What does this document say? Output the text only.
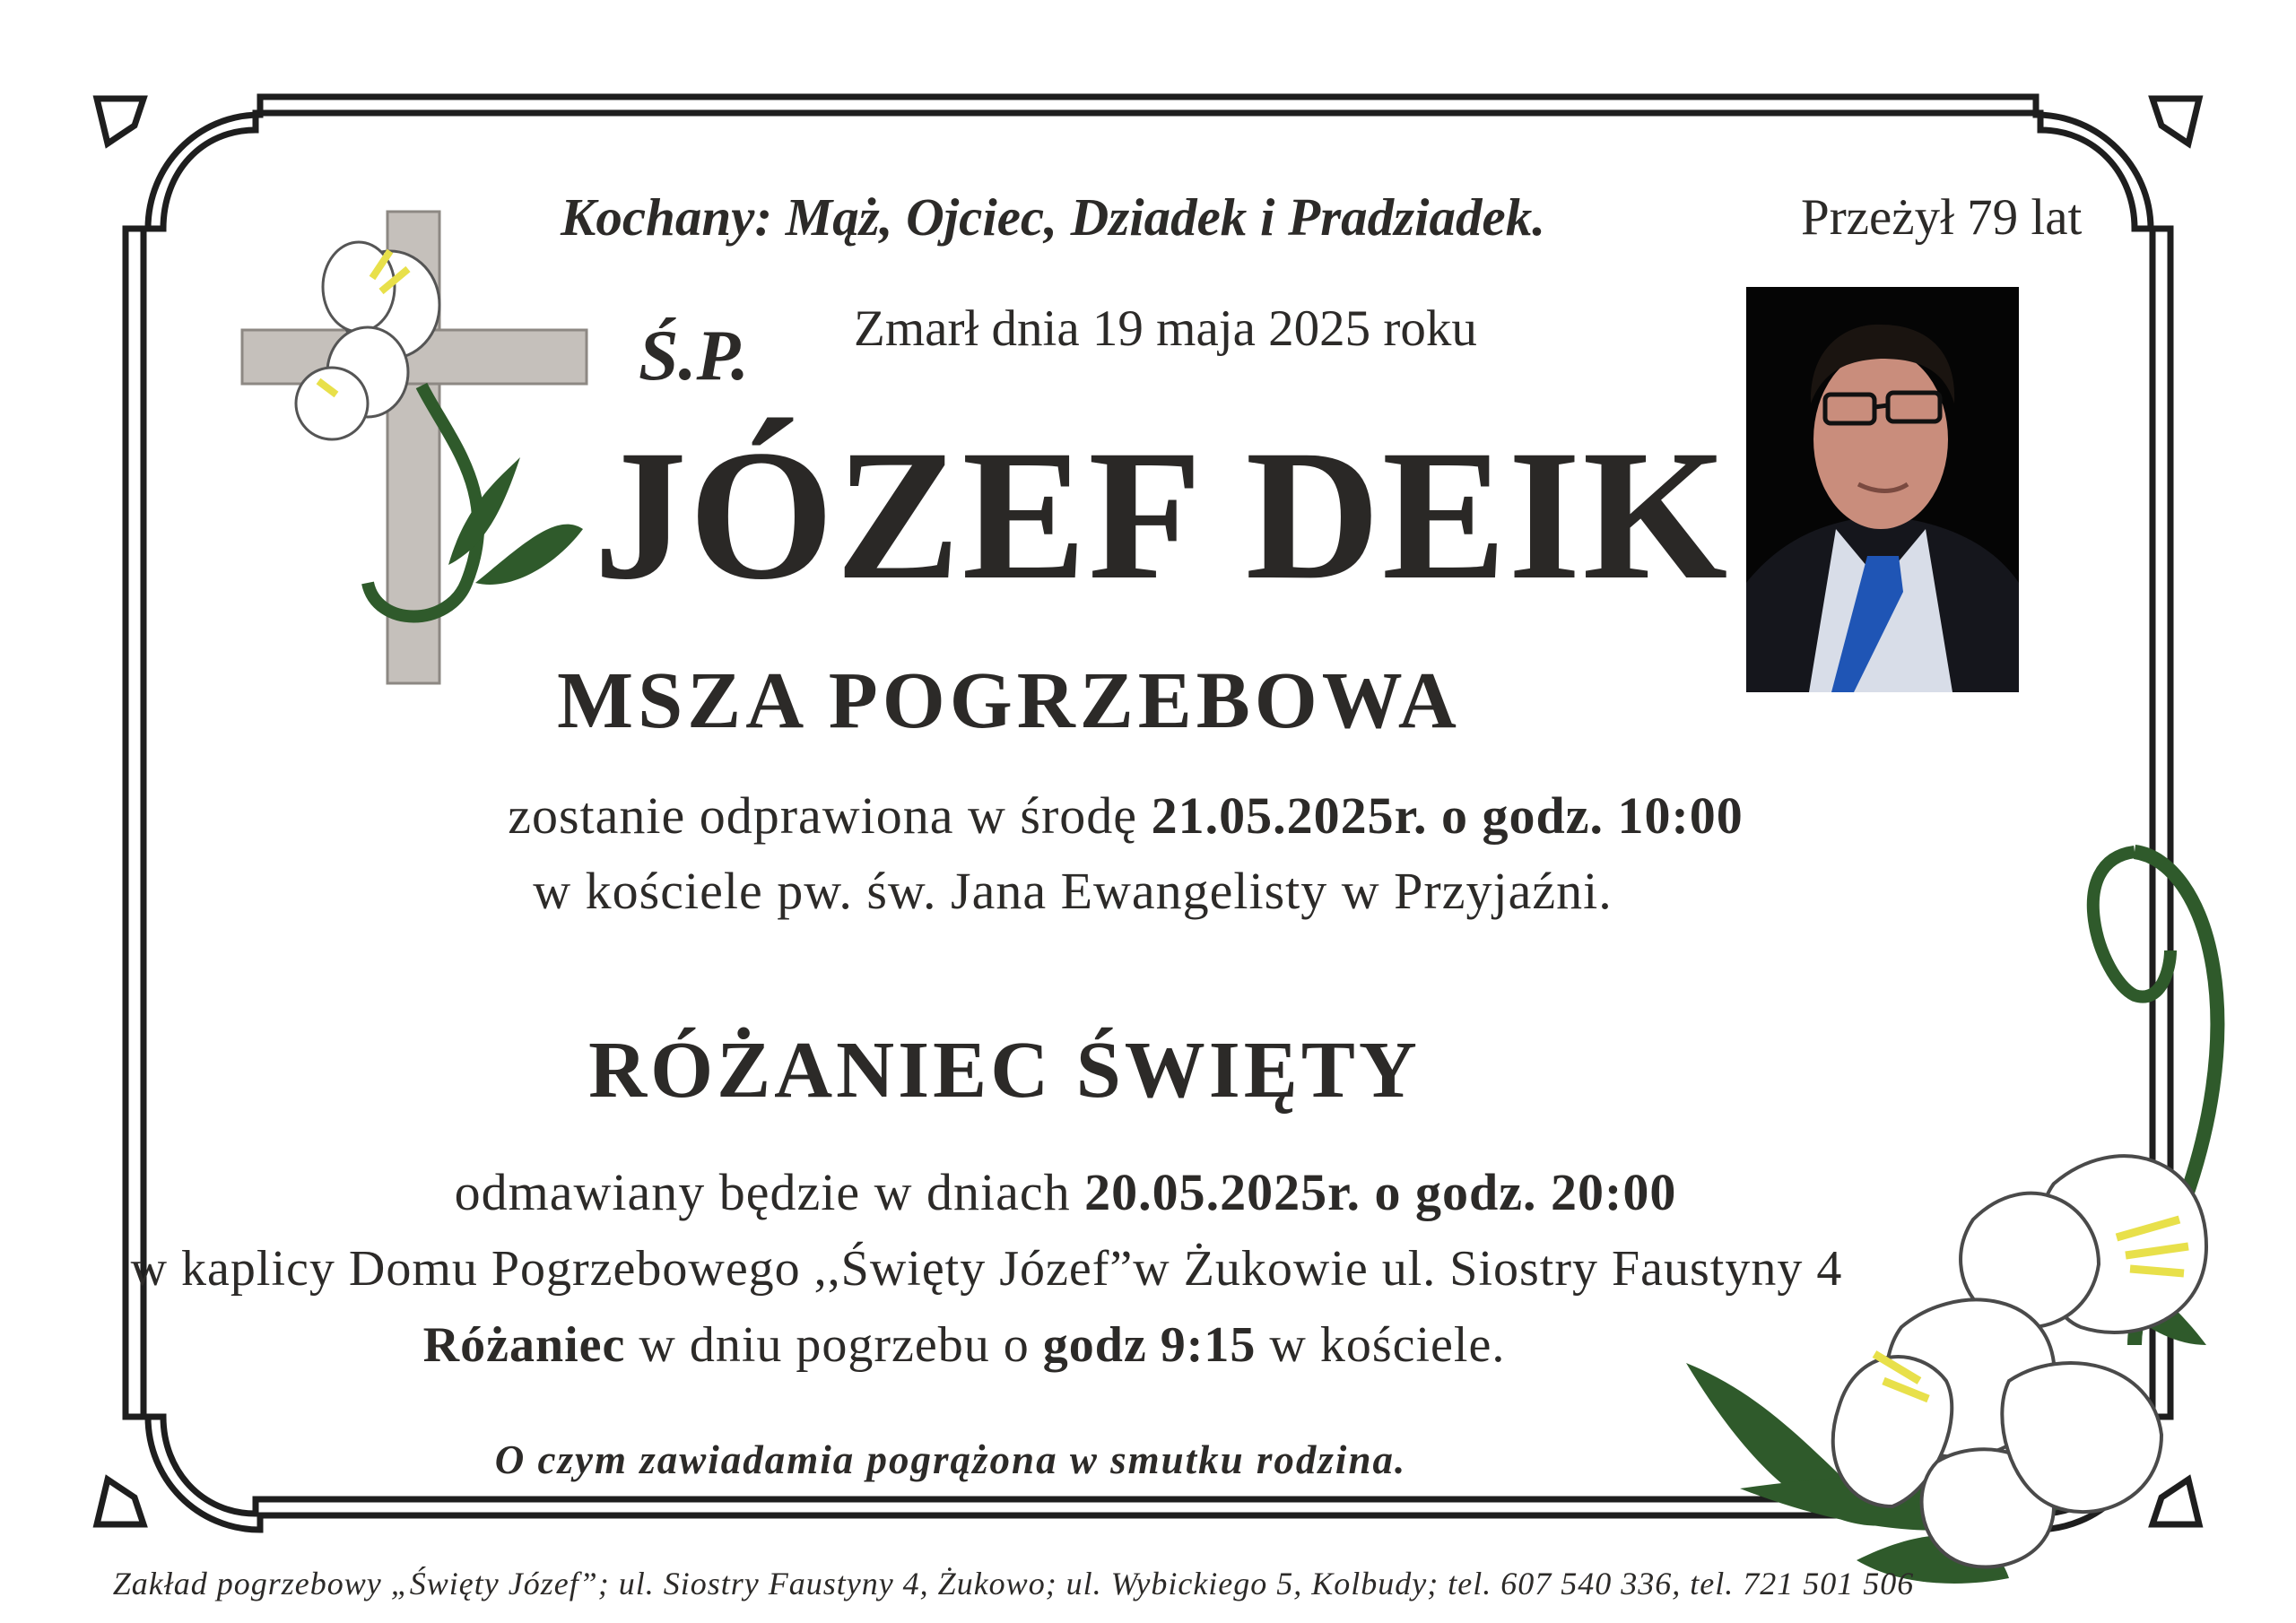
Kochany: Mąż, Ojciec, Dziadek i Pradziadek.	Przeżył 79 lat
Zmarł dnia 19 maja 2025 roku
Ś.P.
JÓZEF DEIK
MSZA POGRZEBOWA
zostanie odprawiona w środę 21.05.2025r. o godz. 10:00
w kościele pw. św. Jana Ewangelisty w Przyjaźni.
RÓŻANIEC ŚWIĘTY
odmawiany będzie w dniach 20.05.2025r. o godz. 20:00
w kaplicy Domu Pogrzebowego ,,Święty Józef”w Żukowie ul. Siostry Faustyny 4
Różaniec w dniu pogrzebu o godz 9:15 w kościele.
O czym zawiadamia pogrążona w smutku rodzina.
Zakład pogrzebowy „Święty Józef”; ul. Siostry Faustyny 4, Żukowo; ul. Wybickiego 5, Kolbudy; tel. 607 540 336, tel. 721 501 506
